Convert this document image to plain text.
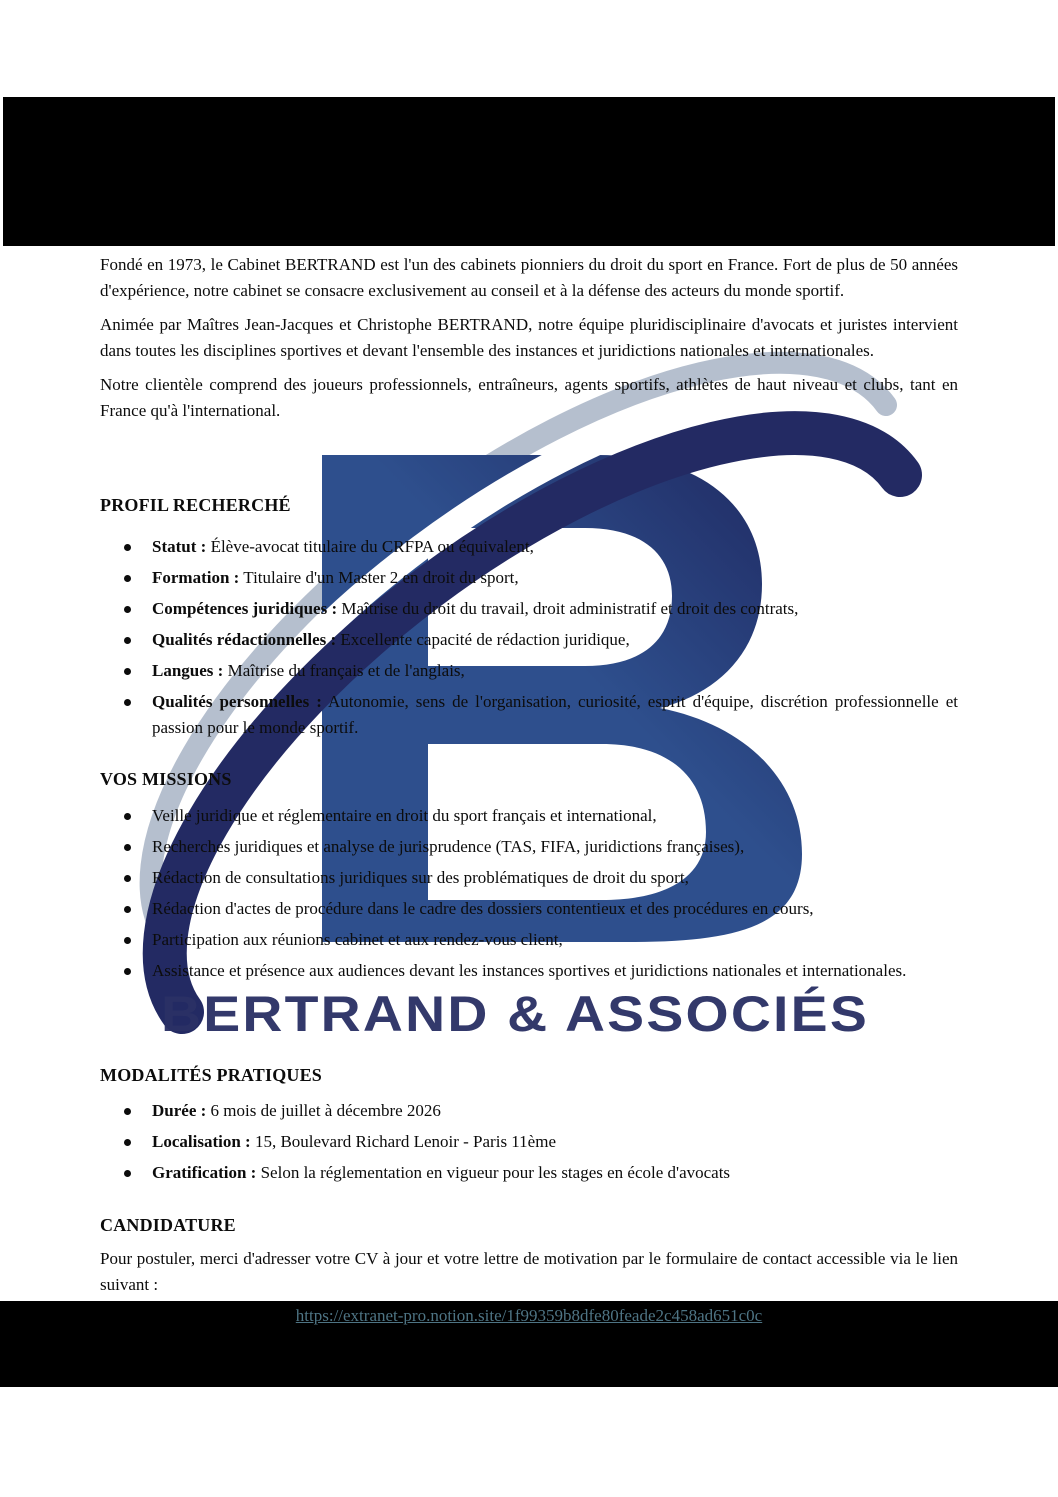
BERTRAND & ASSOCIÉS

Fondé en 1973, le Cabinet BERTRAND est l'un des cabinets pionniers du droit du sport en France. Fort de plus de 50 années d'expérience, notre cabinet se consacre exclusivement au conseil et à la défense des acteurs du monde sportif.

Animée par Maîtres Jean-Jacques et Christophe BERTRAND, notre équipe pluridisciplinaire d'avocats et juristes intervient dans toutes les disciplines sportives et devant l'ensemble des instances et juridictions nationales et internationales.

Notre clientèle comprend des joueurs professionnels, entraîneurs, agents sportifs, athlètes de haut niveau et clubs, tant en France qu'à l'international.

PROFIL RECHERCHÉ
Statut : Élève-avocat titulaire du CRFPA ou équivalent,
Formation : Titulaire d'un Master 2 en droit du sport,
Compétences juridiques : Maîtrise du droit du travail, droit administratif et droit des contrats,
Qualités rédactionnelles : Excellente capacité de rédaction juridique,
Langues : Maîtrise du français et de l'anglais,
Qualités personnelles : Autonomie, sens de l'organisation, curiosité, esprit d'équipe, discrétion professionnelle et passion pour le monde sportif.
VOS MISSIONS
Veille juridique et réglementaire en droit du sport français et international,
Recherches juridiques et analyse de jurisprudence (TAS, FIFA, juridictions françaises),
Rédaction de consultations juridiques sur des problématiques de droit du sport,
Rédaction d'actes de procédure dans le cadre des dossiers contentieux et des procédures en cours,
Participation aux réunions cabinet et aux rendez-vous client,
Assistance et présence aux audiences devant les instances sportives et juridictions nationales et internationales.
MODALITÉS PRATIQUES
Durée : 6 mois de juillet à décembre 2026
Localisation : 15, Boulevard Richard Lenoir - Paris 11ème
Gratification : Selon la réglementation en vigueur pour les stages en école d'avocats
CANDIDATURE

Pour postuler, merci d'adresser votre CV à jour et votre lettre de motivation par le formulaire de contact accessible via le lien suivant :

https://extranet-pro.notion.site/1f99359b8dfe80feade2c458ad651c0c
